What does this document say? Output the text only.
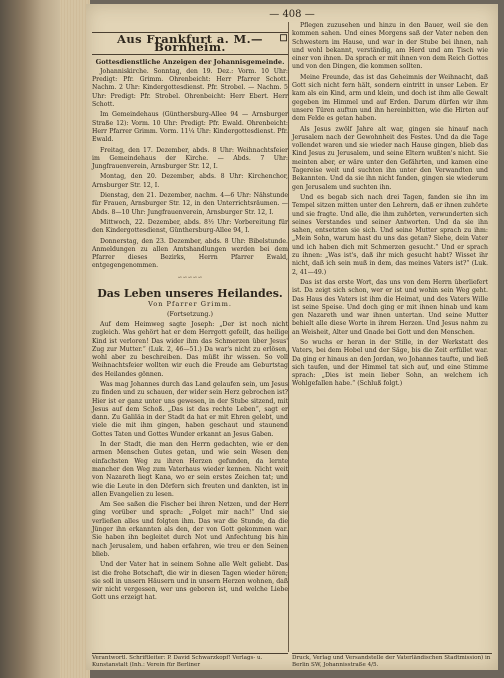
— 408 —
Aus Frankfurt a. M.—Bornheim.
☐
Gottesdienstliche Anzeigen der Johannisgemeinde.

Johanniskirche. Sonntag, den 19. Dez.: Vorm. 10 Uhr: Predigt: Pfr. Grimm. Ohrenbeicht: Herr Pfarrer Schott. Nachm. 2 Uhr: Kindergottesdienst. Pfr. Strobel. — Nachm. 5 Uhr: Predigt: Pfr. Strobel. Ohrenbeicht: Herr Ebert. Herr Schott.

Im Gemeindehaus (Günthersburg-Allee 94 — Arnsburger Straße 12): Vorm. 10 Uhr: Predigt: Pfr. Ewald. Ohrenbeicht: Herr Pfarrer Grimm. Vorm. 11¼ Uhr: Kindergottesdienst. Pfr. Ewald.

Freitag, den 17. Dezember, abds. 8 Uhr: Weihnachtsfeier im Gemeindehaus der Kirche. — Abds. 7 Uhr: Jungfrauenverein, Arnsburger Str. 12, I.

Montag, den 20. Dezember, abds. 8 Uhr: Kirchenchor, Arnsburger Str. 12, I.

Dienstag, den 21. Dezember, nachm. 4—6 Uhr: Nähstunde für Frauen, Arnsburger Str. 12, in den Unterrichtsräumen. — Abds. 8—10 Uhr: Jungfrauenverein, Arnsburger Str. 12, I.

Mittwoch, 22. Dezember, abds. 8½ Uhr: Vorbereitung für den Kindergottesdienst, Günthersburg-Allee 94, I.

Donnerstag, den 23. Dezember, abds. 8 Uhr: Bibelstunde. Anmeldungen zu allen Amtshandlungen werden bei dem Pfarrer dieses Bezirks, Herrn Pfarrer Ewald, entgegengenommen.

∽∽∽∽∽
Das Leben unseres Heilandes.
Von Pfarrer Grimm.
(Fortsetzung.)

Auf dem Heimweg sagte Joseph: „Der ist noch nicht zugleich. Was gehört hat er dem Herrgott gefeilt, das heilige Kind ist verloren! Das wider ihm das Schmerzen über Jesus' Zug zur Mutter.“ (Luk. 2, 46—51.) Da war's nicht zu erlösen, wohl aber zu beschreiben. Das müßt ihr wissen. So voll Weihnachtsfeier wollten wir euch die Freude am Geburtstag des Heilandes gönnen.

Was mag Johannes durch das Land gelaufen sein, um Jesus zu finden und zu schauen, der wider sein Herz gebrochen ist? Hier ist er ganz unter uns gewesen, in der Stube sitzend, mit Jesus auf dem Schoß. „Das ist das rechte Leben“, sagt er dann. Zu Galiläa in der Stadt da hat er mit Ehren gelebt, und viele die mit ihm gingen, haben geschaut und staunend Gottes Taten und Gottes Wunder erkannt an Jesus Gaben.

In der Stadt, die man den Herrn gedachten, wie er den armen Menschen Gutes getan, und wie sein Wesen den einfachsten Weg zu ihren Herzen gefunden, da lernte mancher den Weg zum Vaterhaus wieder kennen. Nicht weit von Nazareth liegt Kana, wo er sein erstes Zeichen tat; und wie die Leute in den Dörfern sich freuten und dankten, ist in allen Evangelien zu lesen.

Am See saßen die Fischer bei ihren Netzen, und der Herr ging vorüber und sprach: „Folget mir nach!“ Und sie verließen alles und folgten ihm. Das war die Stunde, da die Jünger ihn erkannten als den, der von Gott gekommen war. Sie haben ihn begleitet durch Not und Anfechtung bis hin nach Jerusalem, und haben erfahren, wie treu er den Seinen blieb.

Und der Vater hat in seinem Sohne alle Welt geliebt. Das ist die frohe Botschaft, die wir in diesen Tagen wieder hören; sie soll in unsern Häusern und in unsern Herzen wohnen, daß wir nicht vergessen, wer uns geboren ist, und welche Liebe Gott uns erzeigt hat.

Pflegen zuzusehen und hinzu in den Bauer, weil sie den kommen sahen. Und eines Morgens saß der Vater neben den Schwestern im Hause, und war in der Stube bei ihnen, nah und wohl bekannt, verständig, am Herd und am Tisch wie einer von ihnen. Da sprach er mit ihnen von dem Reich Gottes und von den Dingen, die kommen sollten.

Meine Freunde, das ist das Geheimnis der Weihnacht, daß Gott sich nicht fern hält, sondern eintritt in unser Leben. Er kam als ein Kind, arm und klein, und doch ist ihm alle Gewalt gegeben im Himmel und auf Erden. Darum dürfen wir ihm unsere Türen auftun und ihn hereinbitten, wie die Hirten auf dem Felde es getan haben.

Als Jesus zwölf Jahre alt war, gingen sie hinauf nach Jerusalem nach der Gewohnheit des Festes. Und da die Tage vollendet waren und sie wieder nach Hause gingen, blieb das Kind Jesus zu Jerusalem, und seine Eltern wußten's nicht. Sie meinten aber, er wäre unter den Gefährten, und kamen eine Tagereise weit und suchten ihn unter den Verwandten und Bekannten. Und da sie ihn nicht fanden, gingen sie wiederum gen Jerusalem und suchten ihn.

Und es begab sich nach drei Tagen, fanden sie ihn im Tempel sitzen mitten unter den Lehrern, daß er ihnen zuhörte und sie fragte. Und alle, die ihm zuhörten, verwunderten sich seines Verstandes und seiner Antworten. Und da sie ihn sahen, entsetzten sie sich. Und seine Mutter sprach zu ihm: „Mein Sohn, warum hast du uns das getan? Siehe, dein Vater und ich haben dich mit Schmerzen gesucht.“ Und er sprach zu ihnen: „Was ist's, daß ihr mich gesucht habt? Wisset ihr nicht, daß ich sein muß in dem, das meines Vaters ist?“ (Luk. 2, 41—49.)

Das ist das erste Wort, das uns von dem Herrn überliefert ist. Da zeigt sich schon, wer er ist und wohin sein Weg geht. Das Haus des Vaters ist ihm die Heimat, und des Vaters Wille ist seine Speise. Und doch ging er mit ihnen hinab und kam gen Nazareth und war ihnen untertan. Und seine Mutter behielt alle diese Worte in ihrem Herzen. Und Jesus nahm zu an Weisheit, Alter und Gnade bei Gott und den Menschen.

So wuchs er heran in der Stille, in der Werkstatt des Vaters, bei dem Hobel und der Säge, bis die Zeit erfüllet war. Da ging er hinaus an den Jordan, wo Johannes taufte, und ließ sich taufen, und der Himmel tat sich auf, und eine Stimme sprach: „Dies ist mein lieber Sohn, an welchem ich Wohlgefallen habe.“ (Schluß folgt.)

Verantwortl. Schriftleiter: P. David Schwarzkopf! Verlags- u. Kunstanstalt (Inh.: Verein für Berliner
Druck, Verlag und Versandstelle der Vaterländischen Stadtmission) in Berlin SW, Johannisstraße 4/5.
